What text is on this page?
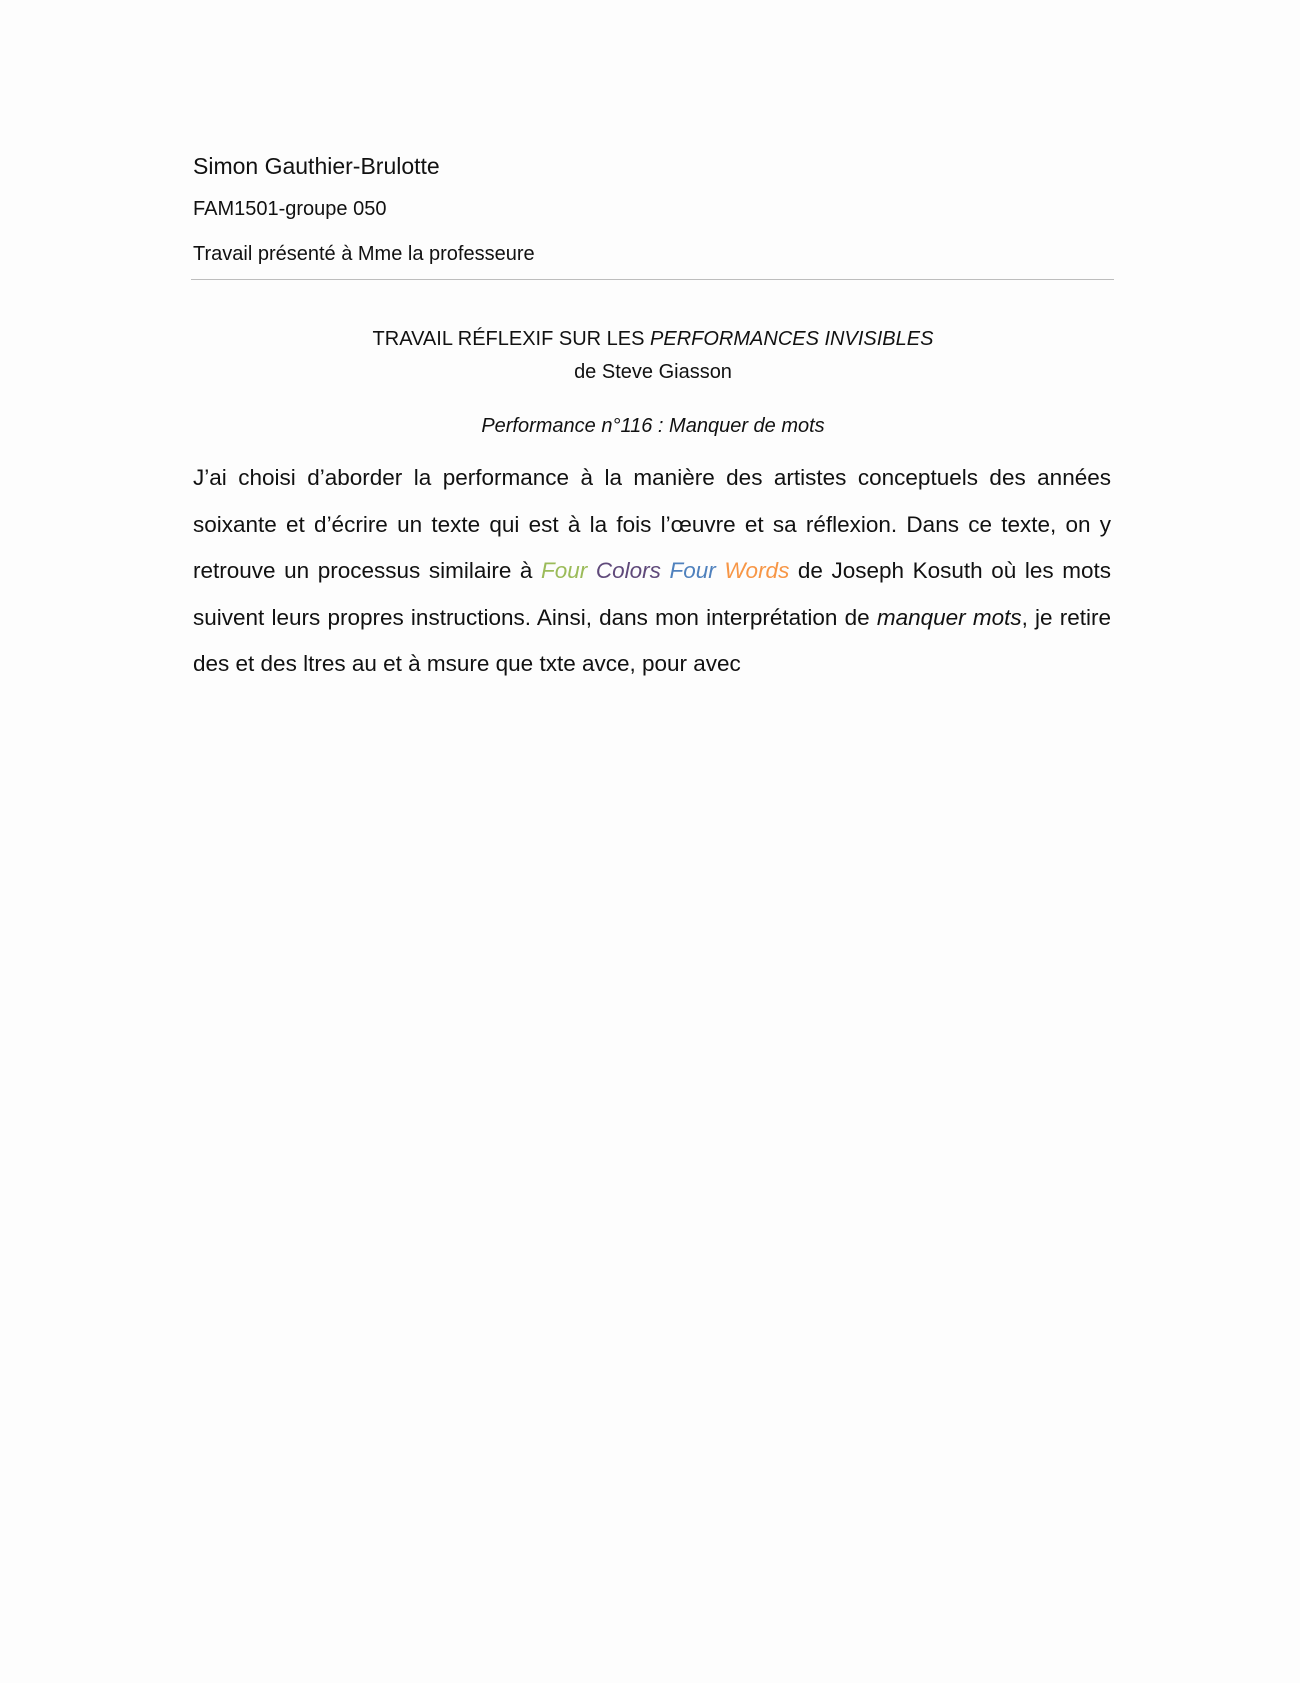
Simon Gauthier-Brulotte
FAM1501-groupe 050
Travail présenté à Mme la professeure
TRAVAIL RÉFLEXIF SUR LES PERFORMANCES INVISIBLES
de Steve Giasson
Performance n°116 : Manquer de mots
J’ai choisi d’aborder la performance à la manière des artistes conceptuels des années soixante et d’écrire un texte qui est à la fois l’œuvre et sa réflexion. Dans ce texte, on y retrouve un processus similaire à Four Colors Four Words de Joseph Kosuth où les mots suivent leurs propres instructions. Ainsi, dans mon interprétation de manquer mots, je retire des et des ltres au et à msure que txte avce, pour avec
